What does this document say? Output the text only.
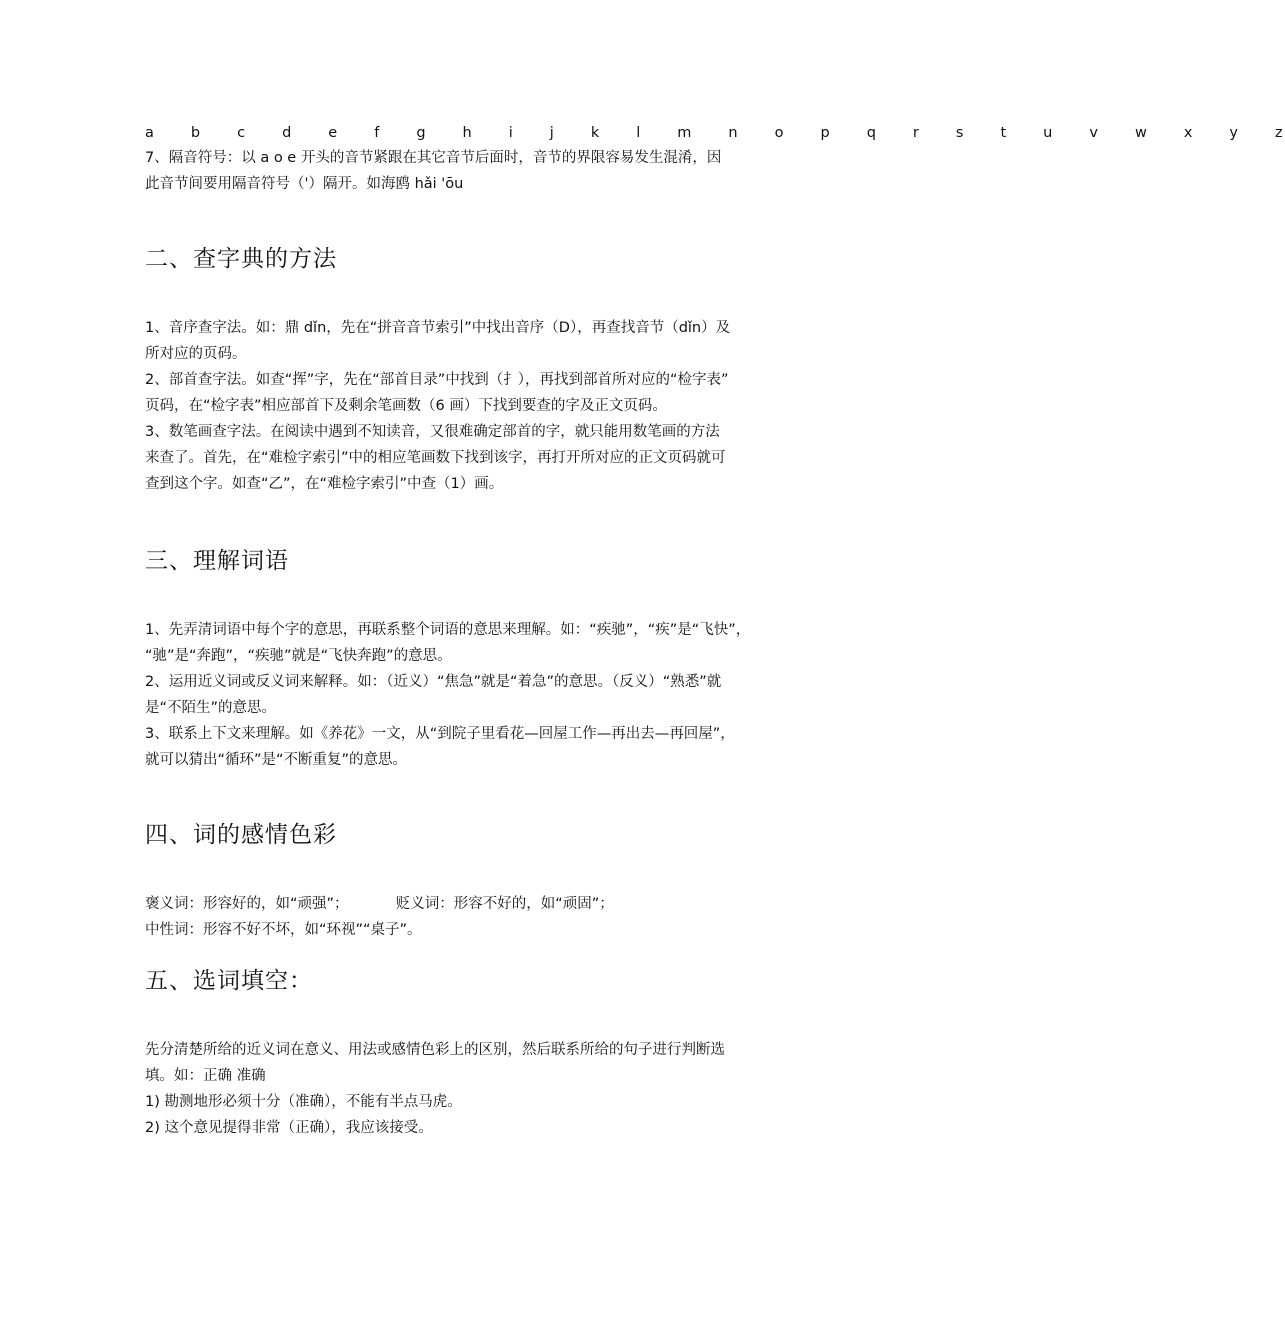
a b c d e f g h i j k l m n o p q r s t u v w x y z
7、隔音符号：以 a o e 开头的音节紧跟在其它音节后面时，音节的界限容易发生混淆，因
此音节间要用隔音符号（'）隔开。如海鸥 hǎi 'ōu
二、查字典的方法
1、音序查字法。如：鼎 dǐn，先在“拼音音节索引”中找出音序（D），再查找音节（dǐn）及
所对应的页码。
2、部首查字法。如查“挥”字，先在“部首目录”中找到（扌），再找到部首所对应的“检字表”
页码，在“检字表”相应部首下及剩余笔画数（6 画）下找到要查的字及正文页码。
3、数笔画查字法。在阅读中遇到不知读音，又很难确定部首的字，就只能用数笔画的方法
来查了。首先，在“难检字索引”中的相应笔画数下找到该字，再打开所对应的正文页码就可
查到这个字。如查“乙”，在“难检字索引”中查（1）画。
三、理解词语
1、先弄清词语中每个字的意思，再联系整个词语的意思来理解。如：“疾驰”，“疾”是“飞快”，
“驰”是“奔跑”，“疾驰”就是“飞快奔跑”的意思。
2、运用近义词或反义词来解释。如：（近义）“焦急”就是“着急”的意思。（反义）“熟悉”就
是“不陌生”的意思。
3、联系上下文来理解。如《养花》一文，从“到院子里看花—回屋工作—再出去—再回屋”，
就可以猜出“循环”是“不断重复”的意思。
四、词的感情色彩
褒义词：形容好的，如“顽强”；	贬义词：形容不好的，如“顽固”；
中性词：形容不好不坏，如“环视”“桌子”。
五、选词填空：
先分清楚所给的近义词在意义、用法或感情色彩上的区别，然后联系所给的句子进行判断选
填。如：正确 准确
1) 勘测地形必须十分（准确），不能有半点马虎。
2) 这个意见提得非常（正确），我应该接受。
